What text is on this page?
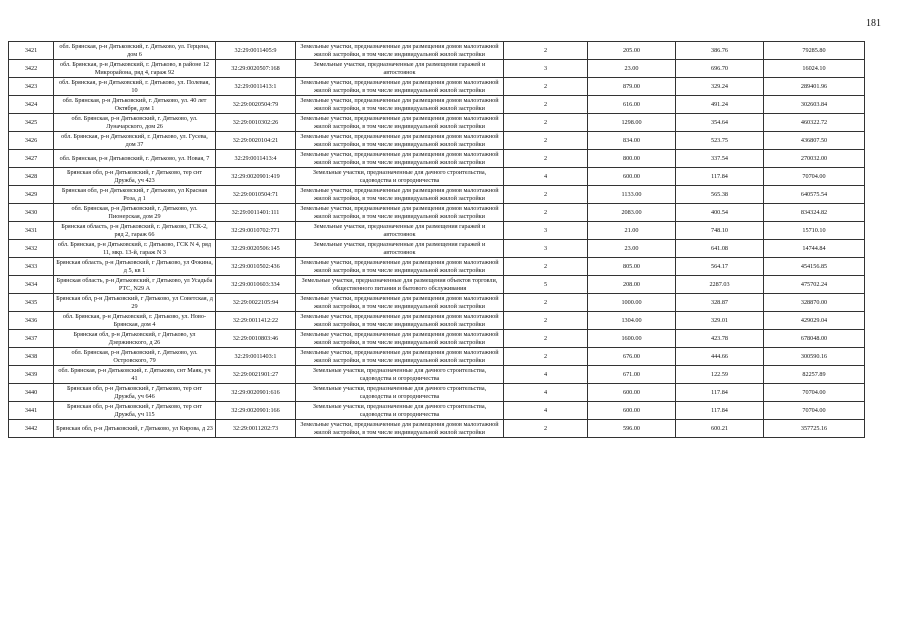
181
3421	обл. Брянская, р-н Дятьковский, г. Дятьково, ул. Герцена, дом 6	32:29:0011405:9	Земельные участки, предназначенные для размещения домов малоэтажной жилой застройки, в том числе индивидуальной жилой застройки	2	205.00	386.76	79285.80
3422	обл. Брянская, р-н Дятьковский, г. Дятьково, в районе 12 Микрорайона, ряд 4, гараж 92	32:29:0020507:168	Земельные участки, предназначенные для размещения гаражей и автостоянок	3	23.00	696.70	16024.10
3423	обл. Брянская, р-н Дятьковский, г. Дятьково, ул. Полевая, 10	32:29:0011413:1	Земельные участки, предназначенные для размещения домов малоэтажной жилой застройки, в том числе индивидуальной жилой застройки	2	879.00	329.24	289401.96
3424	обл. Брянская, р-н Дятьковский, г. Дятьково, ул. 40 лет Октября, дом 1	32:29:0020504:79	Земельные участки, предназначенные для размещения домов малоэтажной жилой застройки, в том числе индивидуальной жилой застройки	2	616.00	491.24	302603.84
3425	обл. Брянская, р-н Дятьковский, г. Дятьково, ул. Луначарского, дом 26	32:29:0010302:26	Земельные участки, предназначенные для размещения домов малоэтажной жилой застройки, в том числе индивидуальной жилой застройки	2	1298.00	354.64	460322.72
3426	обл. Брянская, р-н Дятьковский, г. Дятьково, ул. Гусева, дом 37	32:29:0020104:21	Земельные участки, предназначенные для размещения домов малоэтажной жилой застройки, в том числе индивидуальной жилой застройки	2	834.00	523.75	436807.50
3427	обл. Брянская, р-н Дятьковский, г. Дятьково, ул. Новая, 7	32:29:0011413:4	Земельные участки, предназначенные для размещения домов малоэтажной жилой застройки, в том числе индивидуальной жилой застройки	2	800.00	337.54	270032.00
3428	Брянская обл, р-н Дятьковский, г Дятьково, тер снт Дружба, уч 423	32:29:0020901:419	Земельные участки, предназначенные для дачного строительства, садоводства и огородничества	4	600.00	117.84	70704.00
3429	Брянская обл, р-н Дятьковский, г Дятьково, ул Красная Роза, д 1	32:29:0010504:71	Земельные участки, предназначенные для размещения домов малоэтажной жилой застройки, в том числе индивидуальной жилой застройки	2	1133.00	565.38	640575.54
3430	обл. Брянская, р-н Дятьковский, г. Дятьково, ул. Пионерская, дом 29	32:29:0011401:111	Земельные участки, предназначенные для размещения домов малоэтажной жилой застройки, в том числе индивидуальной жилой застройки	2	2083.00	400.54	834324.82
3431	Брянская область, р-н Дятьковский, г. Дятьково, ГСК-2, ряд 2, гараж 66	32:29:0010702:771	Земельные участки, предназначенные для размещения гаражей и автостоянок	3	21.00	748.10	15710.10
3432	обл. Брянская, р-н Дятьковский, г. Дятьково, ГСК N 4, ряд 11, мкр. 13-й, гараж N 3	32:29:0020506:145	Земельные участки, предназначенные для размещения гаражей и автостоянок	3	23.00	641.08	14744.84
3433	Брянская область, р-н Дятьковский, г Дятьково, ул Фокина, д 5, кв 1	32:29:0010502:436	Земельные участки, предназначенные для размещения домов малоэтажной жилой застройки, в том числе индивидуальной жилой застройки	2	805.00	564.17	454156.85
3434	Брянская область, р-н Дятьковский, г Дятьково, ул Усадьба РТС, N29 А	32:29:0010603:334	Земельные участки, предназначенные для размещения объектов торговли, общественного питания и бытового обслуживания	5	208.00	2287.03	475702.24
3435	Брянская обл, р-н Дятьковский, г Дятьково, ул Советская, д 29	32:29:0022105:94	Земельные участки, предназначенные для размещения домов малоэтажной жилой застройки, в том числе индивидуальной жилой застройки	2	1000.00	328.87	328870.00
3436	обл. Брянская, р-н Дятьковский, г. Дятьково, ул. Ново-Брянская, дом 4	32:29:0011412:22	Земельные участки, предназначенные для размещения домов малоэтажной жилой застройки, в том числе индивидуальной жилой застройки	2	1304.00	329.01	429029.04
3437	Брянская обл, р-н Дятьковский, г Дятьково, ул Дзержинского, д 26	32:29:0010803:46	Земельные участки, предназначенные для размещения домов малоэтажной жилой застройки, в том числе индивидуальной жилой застройки	2	1600.00	423.78	678048.00
3438	обл. Брянская, р-н Дятьковский, г. Дятьково, ул. Островского, 79	32:29:0011403:1	Земельные участки, предназначенные для размещения домов малоэтажной жилой застройки, в том числе индивидуальной жилой застройки	2	676.00	444.66	300590.16
3439	обл. Брянская, р-н Дятьковский, г. Дятьково, снт Маяк, уч 41	32:29:0021901:27	Земельные участки, предназначенные для дачного строительства, садоводства и огородничества	4	671.00	122.59	82257.89
3440	Брянская обл, р-н Дятьковский, г Дятьково, тер снт Дружба, уч 646	32:29:0020901:616	Земельные участки, предназначенные для дачного строительства, садоводства и огородничества	4	600.00	117.84	70704.00
3441	Брянская обл, р-н Дятьковский, г Дятьково, тер снт Дружба, уч 115	32:29:0020901:166	Земельные участки, предназначенные для дачного строительства, садоводства и огородничества	4	600.00	117.84	70704.00
3442	Брянская обл, р-н Дятьковский, г Дятьково, ул Кирова, д 23	32:29:0011202:73	Земельные участки, предназначенные для размещения домов малоэтажной жилой застройки, в том числе индивидуальной жилой застройки	2	596.00	600.21	357725.16
